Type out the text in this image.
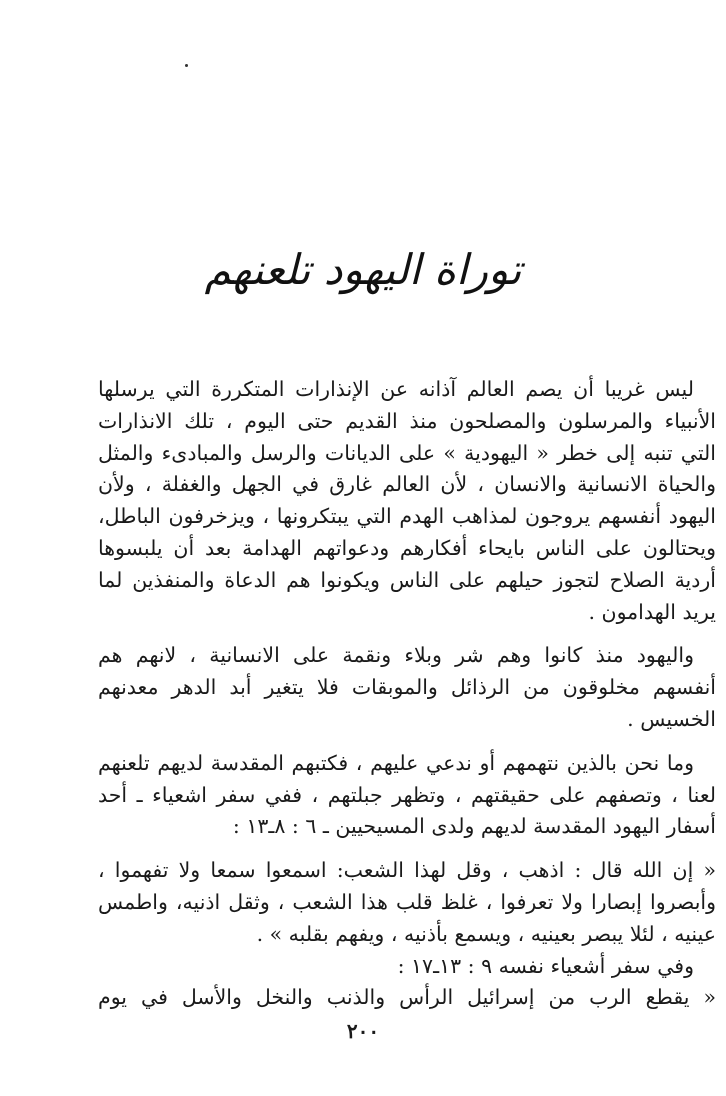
توراة اليهود تلعنهم
ليس غريبا أن يصم العالم آذانه عن الإنذارات المتكررة التي يرسلها
الأنبياء والمرسلون والمصلحون منذ القديم حتى اليوم ، تلك الانذارات
التي تنبه إلى خطر « اليهودية » على الديانات والرسل والمبادىء والمثل
والحياة الانسانية والانسان ، لأن العالم غارق في الجهل والغفلة ، ولأن
اليهود أنفسهم يروجون لمذاهب الهدم التي يبتكرونها ، ويزخرفون الباطل،
ويحتالون على الناس بايحاء أفكارهم ودعواتهم الهدامة بعد أن يلبسوها
أردية الصلاح لتجوز حيلهم على الناس ويكونوا هم الدعاة والمنفذين لما
يريد الهدامون .
واليهود منذ كانوا وهم شر وبلاء ونقمة على الانسانية ، لانهم هم
أنفسهم مخلوقون من الرذائل والموبقات فلا يتغير أبد الدهر معدنهم
الخسيس .
وما نحن بالذين نتهمهم أو ندعي عليهم ، فكتبهم المقدسة لديهم تلعنهم
لعنا ، وتصفهم على حقيقتهم ، وتظهر جبلتهم ، ففي سفر اشعياء ـ أحد
أسفار اليهود المقدسة لديهم ولدى المسيحيين ـ ٦ : ٨ـ١٣ :
« إن الله قال : اذهب ، وقل لهذا الشعب: اسمعوا سمعا ولا تفهموا ،
وأبصروا إبصارا ولا تعرفوا ، غلظ قلب هذا الشعب ، وثقل اذنيه، واطمس
عينيه ، لئلا يبصر بعينيه ، ويسمع بأذنيه ، ويفهم بقلبه » .
وفي سفر أشعياء نفسه ٩ : ١٣ـ١٧ :
« يقطع الرب من إسرائيل الرأس والذنب والنخل والأسل في يوم
٢٠٠
